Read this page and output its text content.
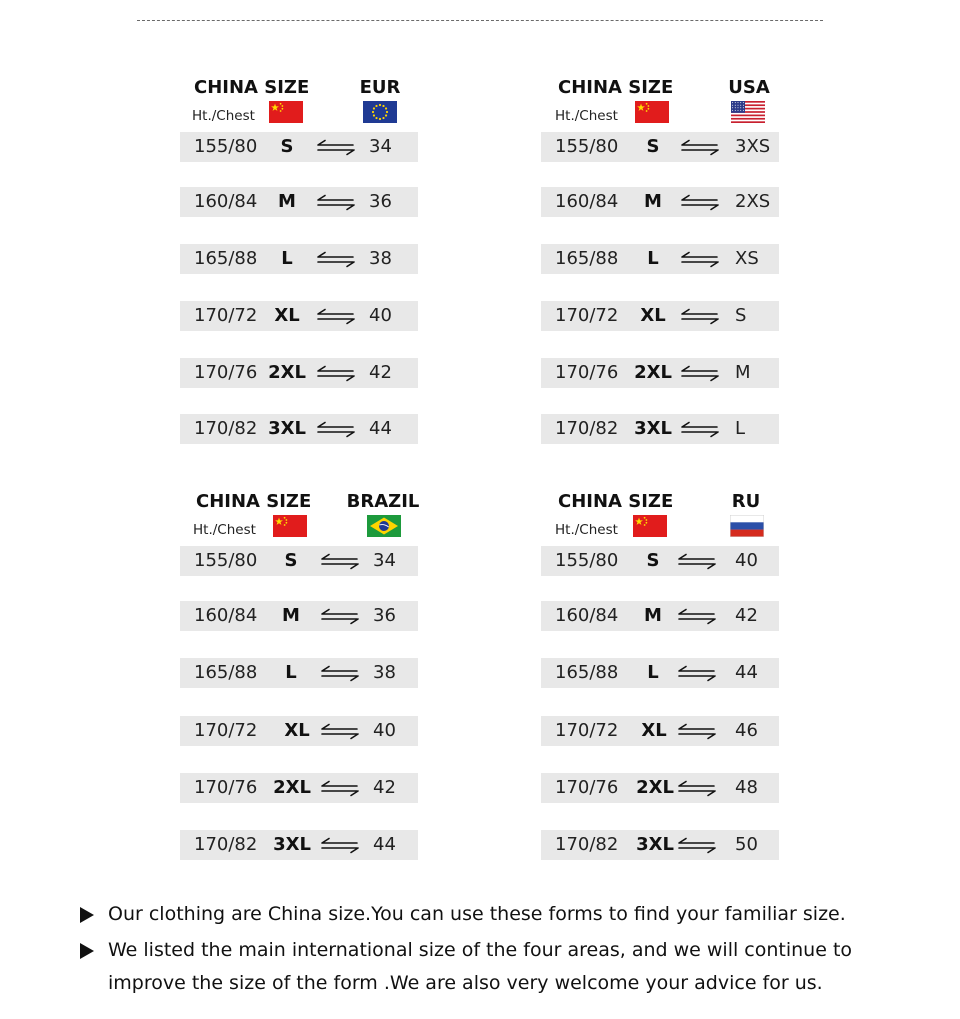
CHINA SIZE	EUR
Ht./Chest
155/80	S	34
160/84	M	36
165/88	L	38
170/72 XL	40
170/76 2XL	42
170/82 3XL	44
CHINA SIZE	USA
Ht./Chest
155/80	S	3XS
160/84	M	2XS
165/88	L	XS
170/72	XL	S
170/76 2XL	M
170/82 3XL	L
CHINA SIZE BRAZIL
Ht./Chest
155/80	S	34
160/84	M	36
165/88	L	38
170/72	XL	40
170/76 2XL	42
170/82 3XL	44
CHINA SIZE	RU
Ht./Chest
155/80	S	40
160/84	M	42
165/88	L	44
170/72	XL	46
170/76 2XL	48
170/82 3XL	50
Our clothing are China size.You can use these forms to find your familiar size.
We listed the main international size of the four areas, and we will continue to improve the size of the form .We are also very welcome your advice for us.
